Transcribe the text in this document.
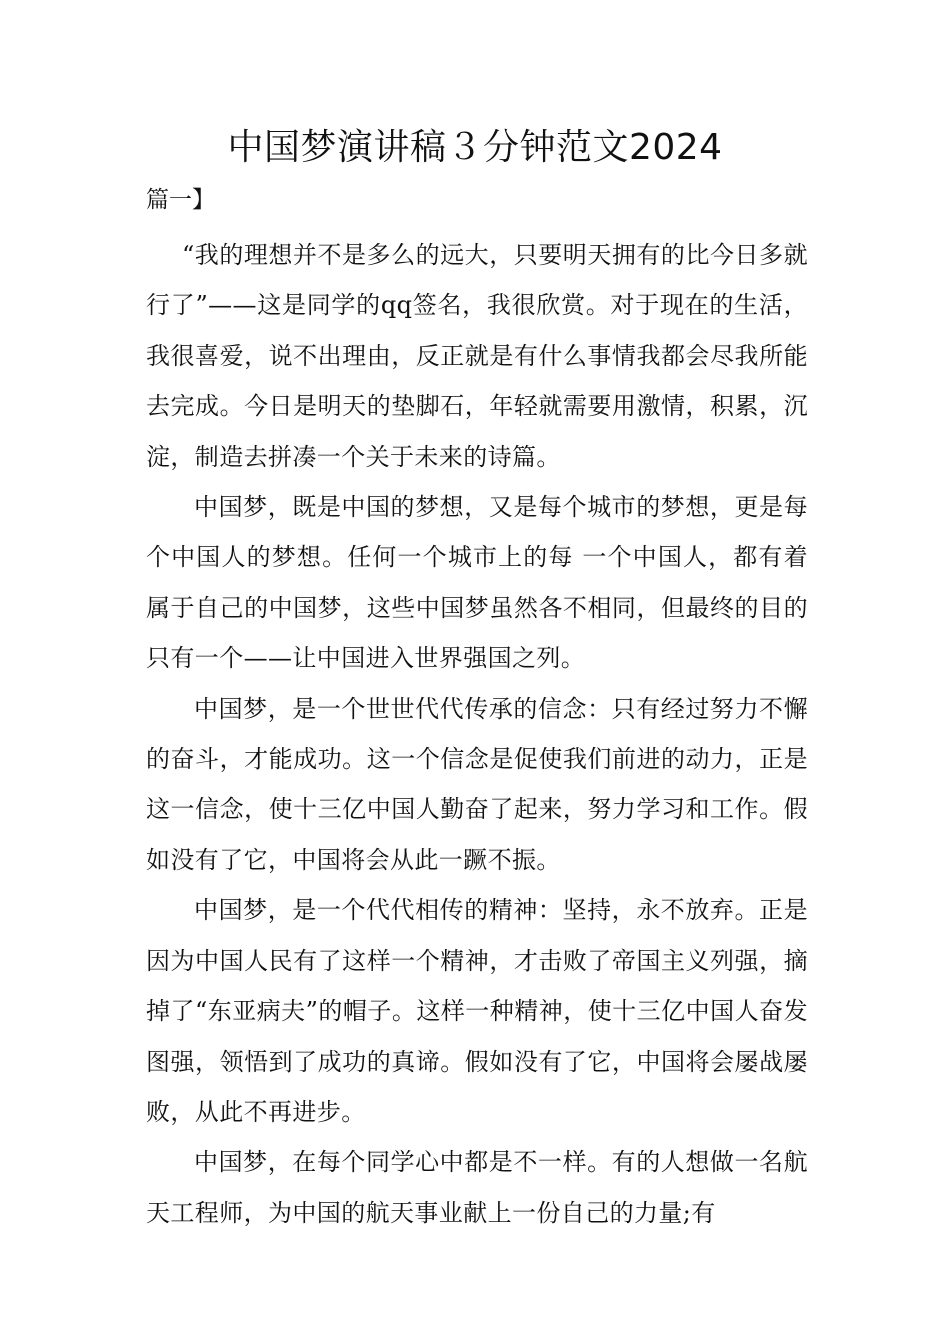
中国梦演讲稿３分钟范文2024
篇一】

“我的理想并不是多么的远大，只要明天拥有的比今日多就行了”——这是同学的qq签名，我很欣赏。对于现在的生活，我很喜爱，说不出理由，反正就是有什么事情我都会尽我所能去完成。今日是明天的垫脚石，年轻就需要用激情，积累，沉淀，制造去拼凑一个关于未来的诗篇。

中国梦，既是中国的梦想，又是每个城市的梦想，更是每个中国人的梦想。任何一个城市上的每 一个中国人，都有着属于自己的中国梦，这些中国梦虽然各不相同，但最终的目的只有一个——让中国进入世界强国之列。

中国梦，是一个世世代代传承的信念：只有经过努力不懈的奋斗，才能成功。这一个信念是促使我们前进的动力，正是这一信念，使十三亿中国人勤奋了起来，努力学习和工作。假如没有了它，中国将会从此一蹶不振。

中国梦，是一个代代相传的精神：坚持，永不放弃。正是因为中国人民有了这样一个精神，才击败了帝国主义列强，摘掉了“东亚病夫”的帽子。这样一种精神，使十三亿中国人奋发图强，领悟到了成功的真谛。假如没有了它，中国将会屡战屡败，从此不再进步。

中国梦，在每个同学心中都是不一样。有的人想做一名航天工程师，为中国的航天事业献上一份自己的力量;有
